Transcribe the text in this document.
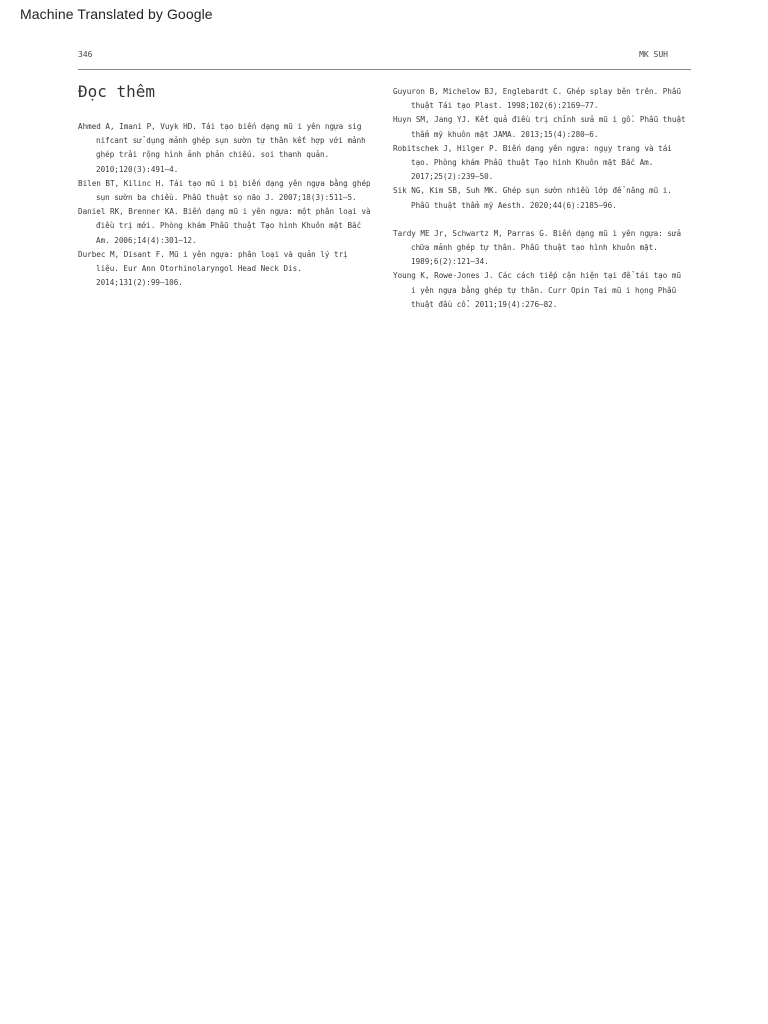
Machine Translated by Google
346	MK SUH
Đọc thêm

Ahmed A, Imani P, Vuyk HD. Tái tạo biến dạng mũ i yên ngựa sig nifcant sử dụng mảnh ghép sụn sườn tự thân kết hợp với mảnh ghép trải rộng hình ảnh phản chiếu. soi thanh quản. 2010;120(3):491–4.

Bilen BT, Kilinc H. Tái tạo mũ i bị biến dạng yên ngựa bằng ghép sụn sườn ba chiều. Phẫu thuật sọ não J. 2007;18(3):511–5.

Daniel RK, Brenner KA. Biến dạng mũ i yên ngựa: một phân loại và điều trị mới. Phòng khám Phẫu thuật Tạo hình Khuôn mặt Bắc Am. 2006;14(4):301–12.

Durbec M, Disant F. Mũ i yên ngựa: phân loại và quản lý trị liệu. Eur Ann Otorhinolaryngol Head Neck Dis. 2014;131(2):99–106.

Guyuron B, Michelow BJ, Englebardt C. Ghép splay bên trên. Phẫu thuật Tái tạo Plast. 1998;102(6):2169–77.

Huyn SM, Jang YJ. Kết quả điều trị chỉnh sửa mũ i gồ. Phẫu thuật thẩm mỹ khuôn mặt JAMA. 2013;15(4):280–6.

Robitschek J, Hilger P. Biến dạng yên ngựa: ngụy trang và tái tạo. Phòng khám Phẫu thuật Tạo hình Khuôn mặt Bắc Am. 2017;25(2):239–50.

Sik NG, Kim SB, Suh MK. Ghép sụn sườn nhiều lớp để nâng mũ i. Phẫu thuật thẩm mỹ Aesth. 2020;44(6):2185–96.

Tardy ME Jr, Schwartz M, Parras G. Biến dạng mũ i yên ngựa: sửa chữa mảnh ghép tự thân. Phẫu thuật tạo hình khuôn mặt. 1989;6(2):121–34.

Young K, Rowe-Jones J. Các cách tiếp cận hiện tại để tái tạo mũ i yên ngựa bằng ghép tự thân. Curr Opin Tai mũ i họng Phẫu thuật đầu cổ. 2011;19(4):276–82.
